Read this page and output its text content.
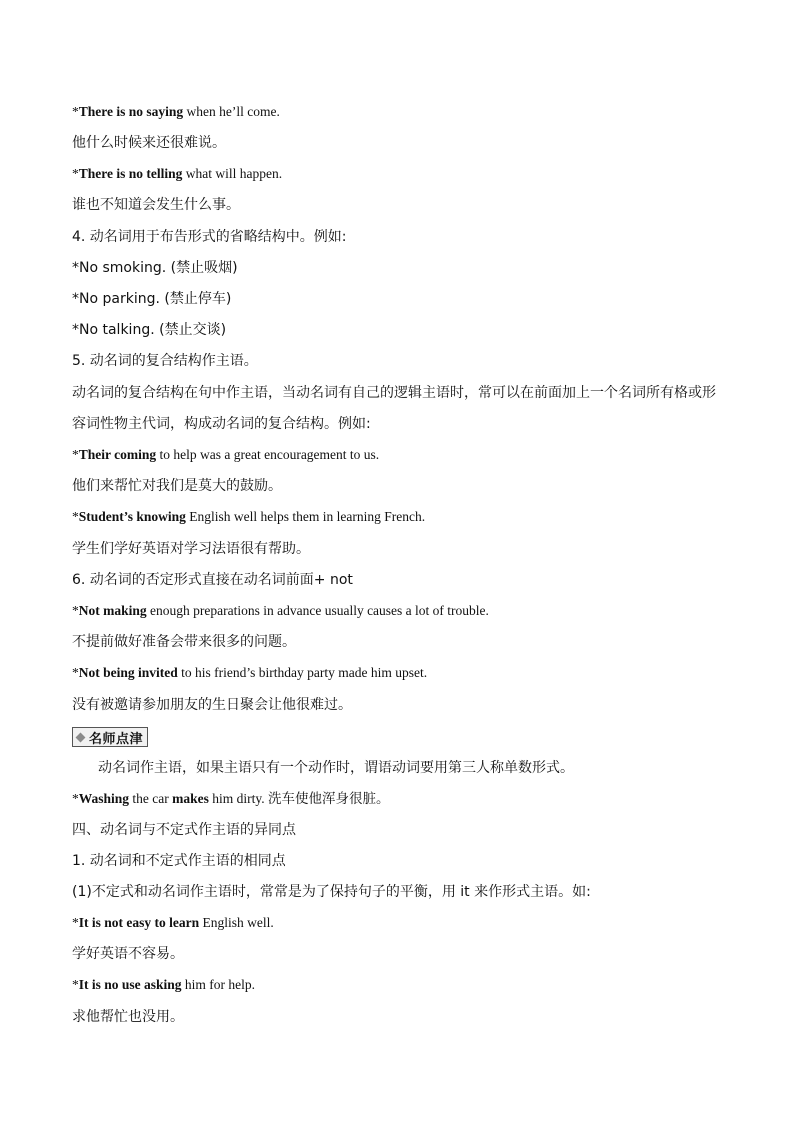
*There is no saying when he’ll come.
他什么时候来还很难说。
*There is no telling what will happen.
谁也不知道会发生什么事。
4. 动名词用于布告形式的省略结构中。例如:
*No smoking. (禁止吸烟)
*No parking. (禁止停车)
*No talking. (禁止交谈)
5. 动名词的复合结构作主语。
动名词的复合结构在句中作主语，当动名词有自己的逻辑主语时，常可以在前面加上一个名词所有格或形
容词性物主代词，构成动名词的复合结构。例如:
*Their coming to help was a great encouragement to us.
他们来帮忙对我们是莫大的鼓励。
*Student’s knowing English well helps them in learning French.
学生们学好英语对学习法语很有帮助。
6. 动名词的否定形式直接在动名词前面+ not
*Not making enough preparations in advance usually causes a lot of trouble.
不提前做好准备会带来很多的问题。
*Not being invited to his friend’s birthday party made him upset.
没有被邀请参加朋友的生日聚会让他很难过。
名师点津
动名词作主语，如果主语只有一个动作时，谓语动词要用第三人称单数形式。
*Washing the car makes him dirty. 洗车使他浑身很脏。
四、动名词与不定式作主语的异同点
1. 动名词和不定式作主语的相同点
(1)不定式和动名词作主语时，常常是为了保持句子的平衡，用 it 来作形式主语。如:
*It is not easy to learn English well.
学好英语不容易。
*It is no use asking him for help.
求他帮忙也没用。
